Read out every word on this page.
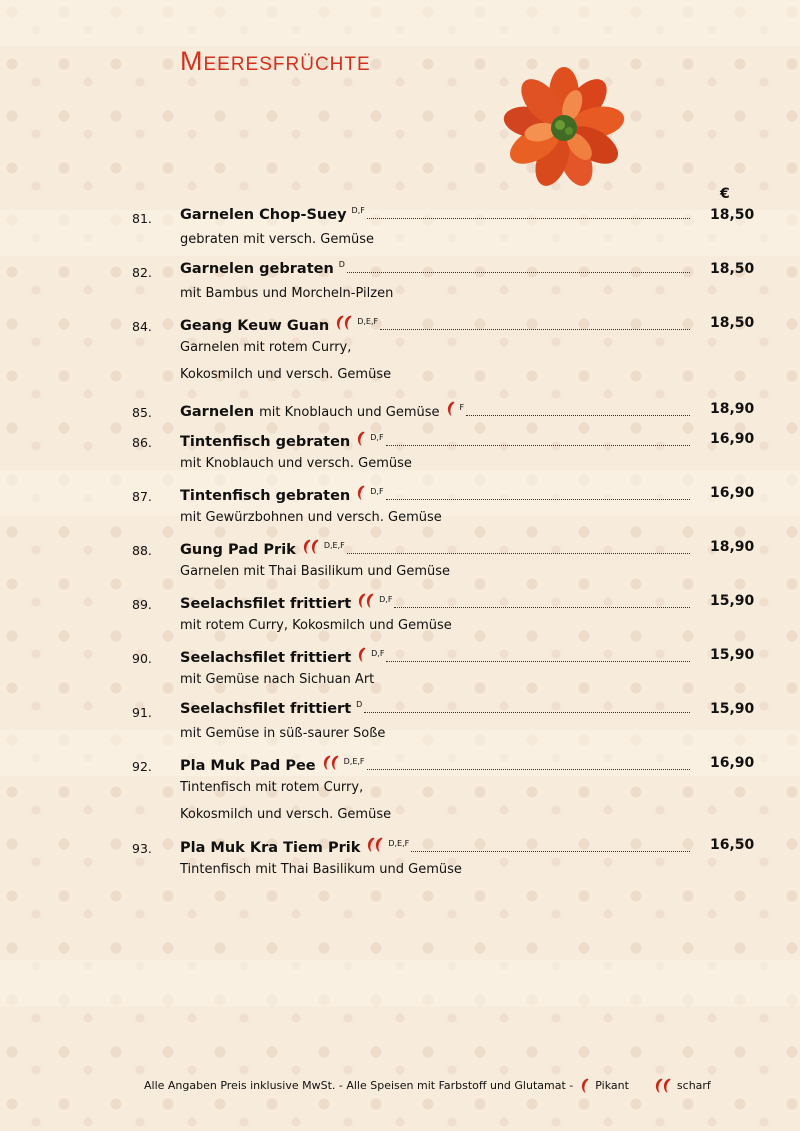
Meeresfrüchte
€
81. Garnelen Chop-Suey D,F	18,50
gebraten mit versch. Gemüse
82. Garnelen gebraten D	18,50
mit Bambus und Morcheln-Pilzen
84. Geang Keuw Guan	D,E,F	18,50
Garnelen mit rotem Curry,
Kokosmilch und versch. Gemüse
85. Garnelen mit Knoblauch und Gemüse	F	18,90
86. Tintenfisch gebraten	D,F	16,90
mit Knoblauch und versch. Gemüse
87. Tintenfisch gebraten	D,F	16,90
mit Gewürzbohnen und versch. Gemüse
88. Gung Pad Prik	D,E,F	18,90
Garnelen mit Thai Basilikum und Gemüse
89. Seelachsfilet frittiert	D,F	15,90
mit rotem Curry, Kokosmilch und Gemüse
90. Seelachsfilet frittiert	D,F	15,90
mit Gemüse nach Sichuan Art
91. Seelachsfilet frittiert D	15,90
mit Gemüse in süß-saurer Soße
92. Pla Muk Pad Pee	D,E,F	16,90
Tintenfisch mit rotem Curry,
Kokosmilch und versch. Gemüse
93. Pla Muk Kra Tiem Prik	D,E,F	16,50
Tintenfisch mit Thai Basilikum und Gemüse
Alle Angaben Preis inklusive MwSt. - Alle Speisen mit Farbstoff und Glutamat - Pikant	scharf
